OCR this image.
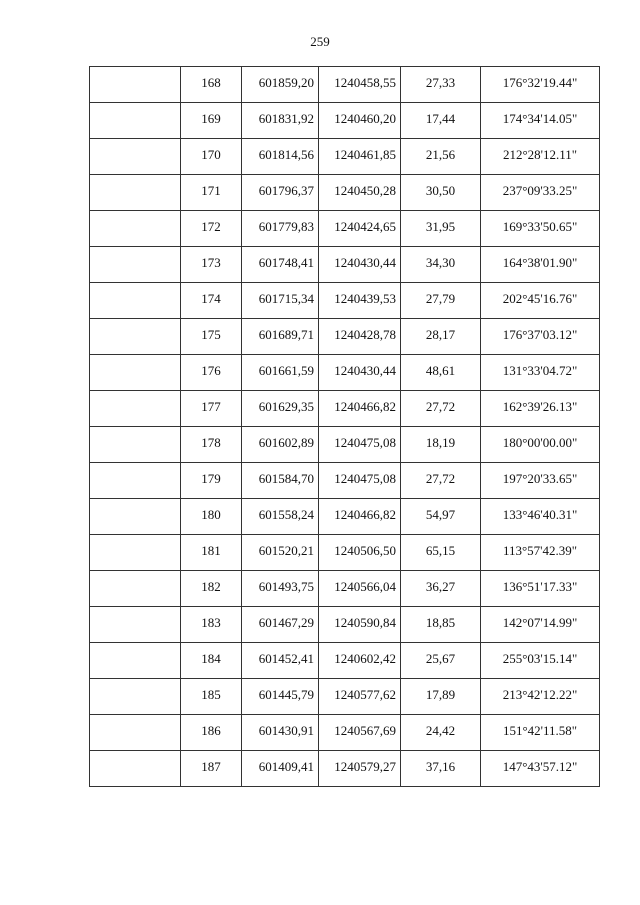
259
	168	601859,20	1240458,55	27,33	176°32'19.44"
	169	601831,92	1240460,20	17,44	174°34'14.05"
	170	601814,56	1240461,85	21,56	212°28'12.11"
	171	601796,37	1240450,28	30,50	237°09'33.25"
	172	601779,83	1240424,65	31,95	169°33'50.65"
	173	601748,41	1240430,44	34,30	164°38'01.90"
	174	601715,34	1240439,53	27,79	202°45'16.76"
	175	601689,71	1240428,78	28,17	176°37'03.12"
	176	601661,59	1240430,44	48,61	131°33'04.72"
	177	601629,35	1240466,82	27,72	162°39'26.13"
	178	601602,89	1240475,08	18,19	180°00'00.00"
	179	601584,70	1240475,08	27,72	197°20'33.65"
	180	601558,24	1240466,82	54,97	133°46'40.31"
	181	601520,21	1240506,50	65,15	113°57'42.39"
	182	601493,75	1240566,04	36,27	136°51'17.33"
	183	601467,29	1240590,84	18,85	142°07'14.99"
	184	601452,41	1240602,42	25,67	255°03'15.14"
	185	601445,79	1240577,62	17,89	213°42'12.22"
	186	601430,91	1240567,69	24,42	151°42'11.58"
	187	601409,41	1240579,27	37,16	147°43'57.12"
